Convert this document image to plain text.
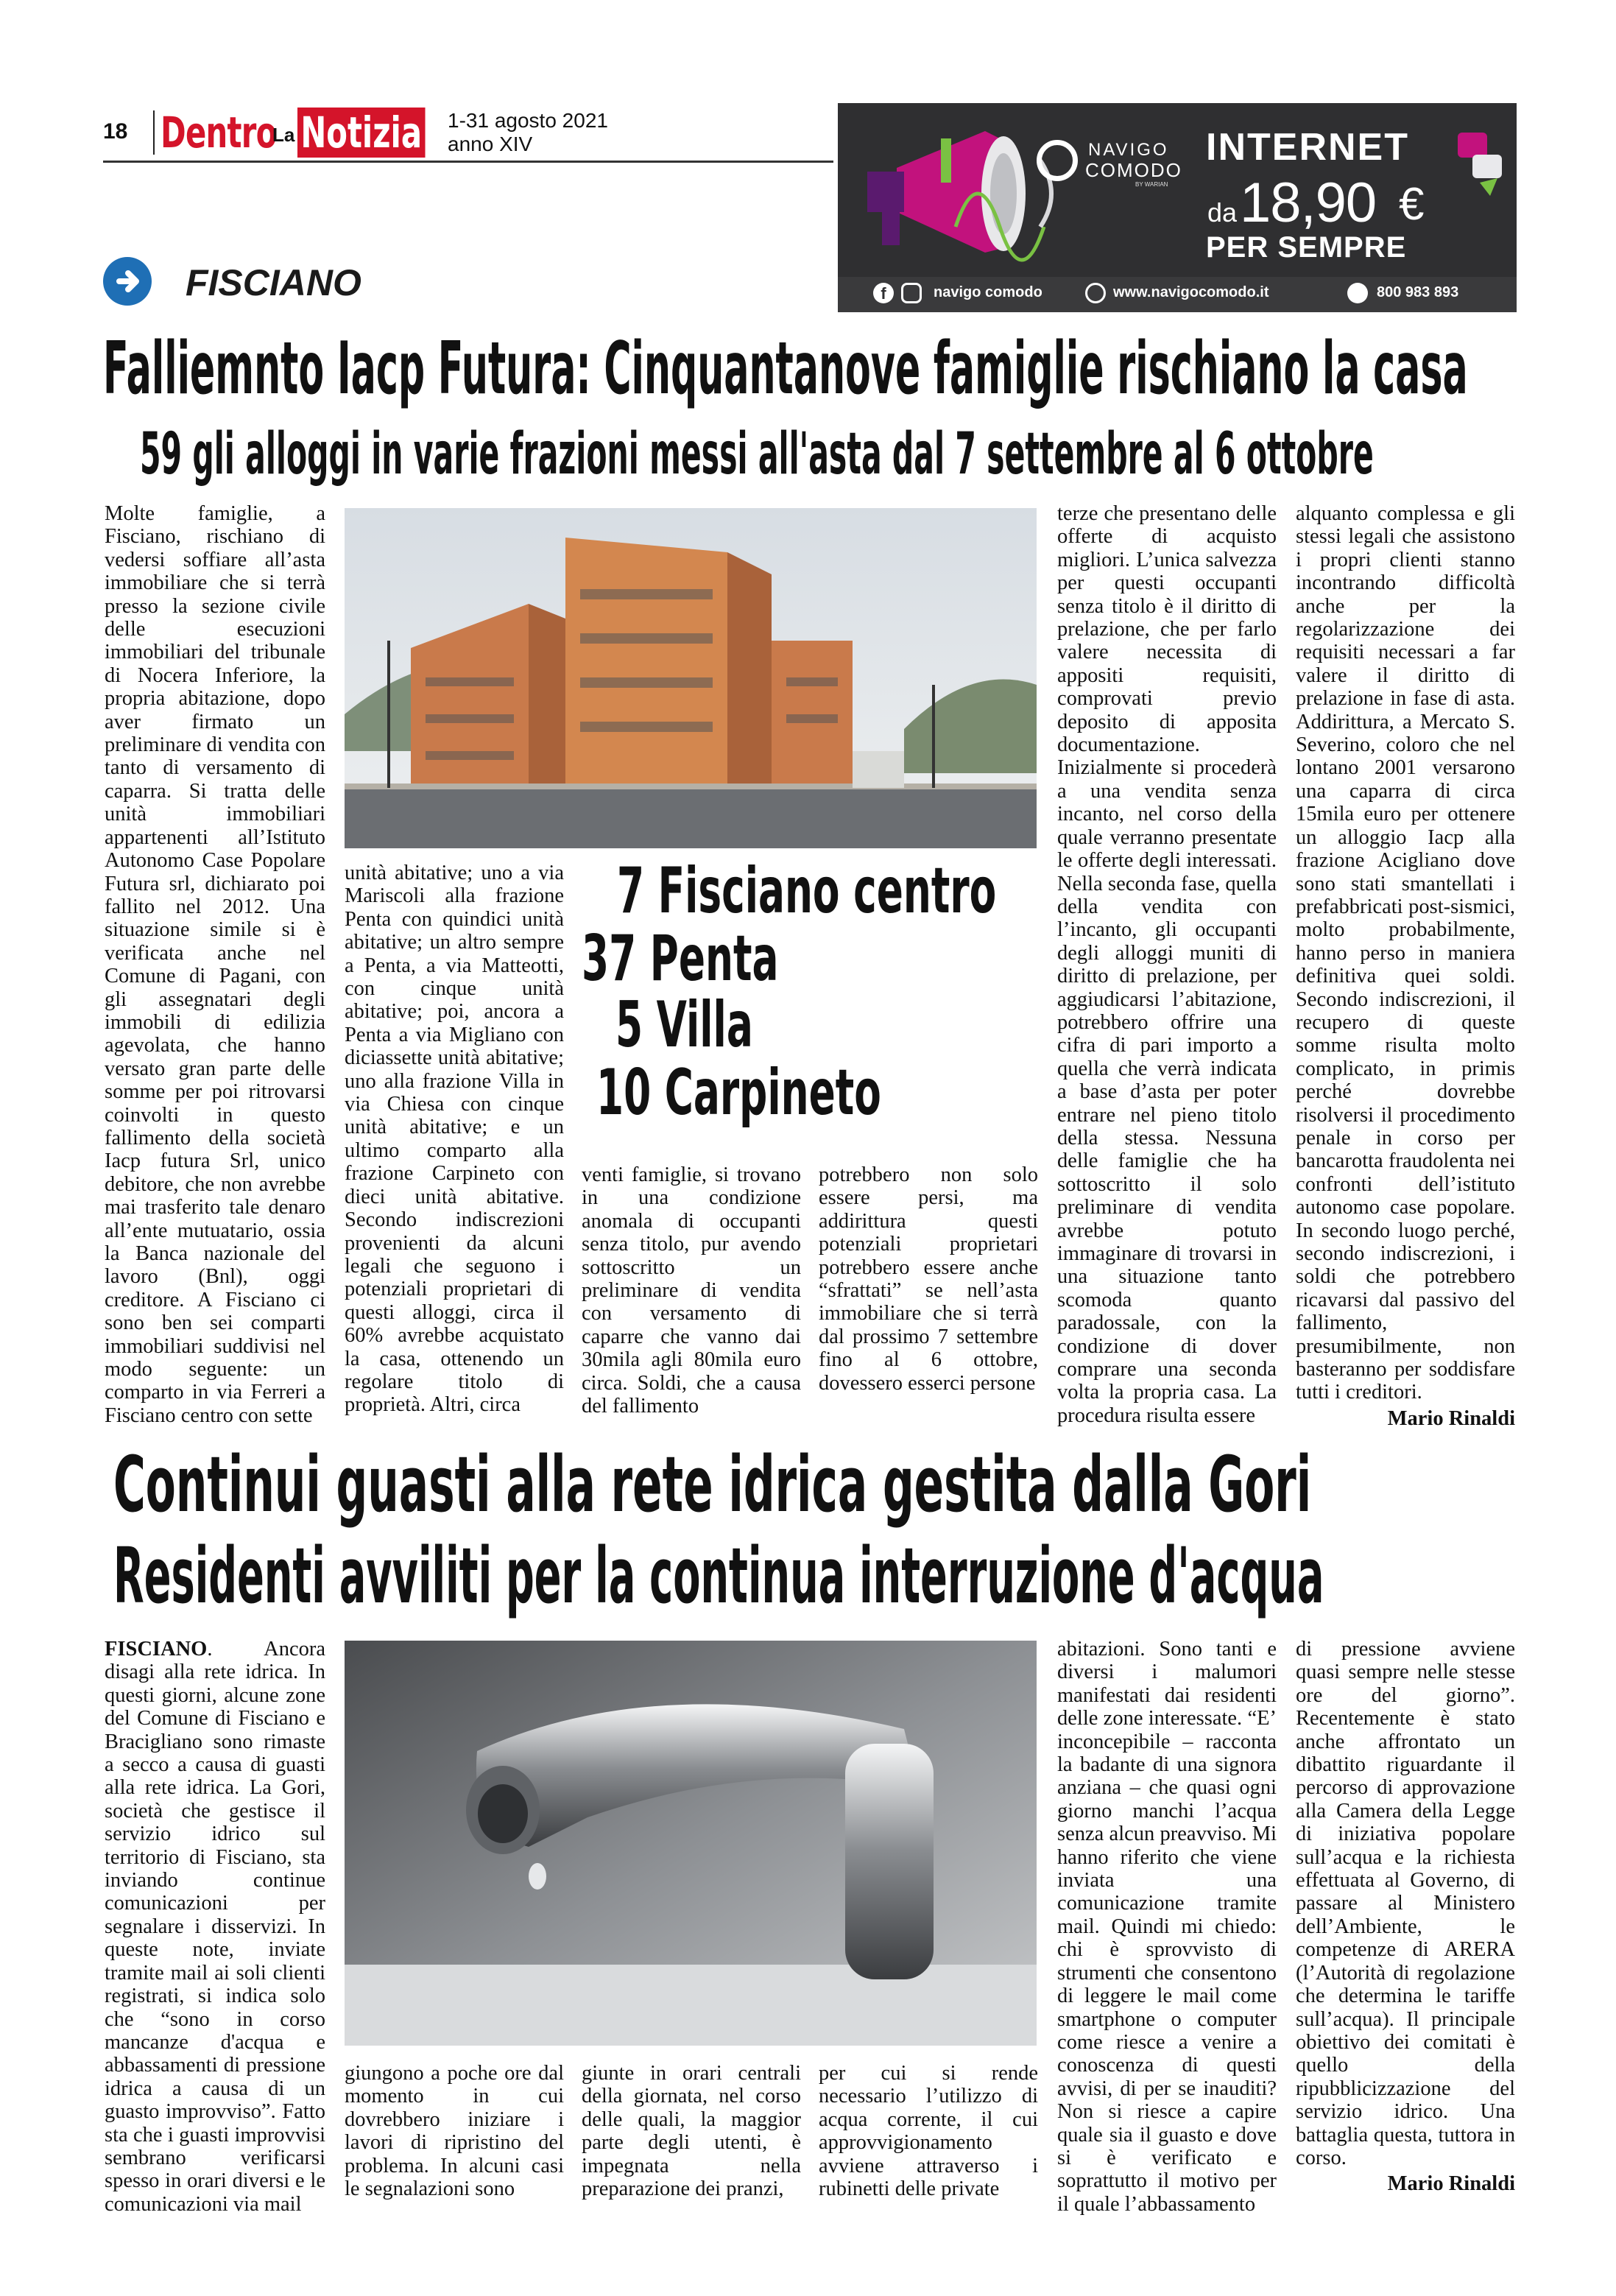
18 Dentro
La Notizia 1-31 agosto 2021
anno XIV
FISCIANO
NAVIGO
COMODO
BY WARIAN
INTERNET
da 18,90 €
PER SEMPRE
f	navigo comodo	www.navigocomodo.it	800 983 893
Falliemnto Iacp Futura: Cinquantanove famiglie rischiano la casa
59 gli alloggi in varie frazioni messi all'asta dal 7 settembre al 6 ottobre

Molte famiglie, a Fisciano, rischiano di vedersi soffiare all’asta immobiliare che si terrà presso la sezione civile delle esecuzioni immobiliari del tribunale di Nocera Inferiore, la propria abitazione, dopo aver firmato un preliminare di vendita con tanto di versamento di caparra. Si tratta delle unità immobiliari appartenenti all’Istituto Autonomo Case Popolare Futura srl, dichiarato poi fallito nel 2012. Una situazione simile si è verificata anche nel Comune di Pagani, con gli assegnatari degli immobili di edilizia agevolata, che hanno versato gran parte delle somme per poi ritrovarsi coinvolti in questo fallimento della società Iacp futura Srl, unico debitore, che non avrebbe mai trasferito tale denaro all’ente mutuatario, ossia la Banca nazionale del lavoro (Bnl), oggi creditore. A Fisciano ci sono ben sei comparti immobiliari suddivisi nel modo seguente: un comparto in via Ferreri a Fisciano centro con sette

unità abitative; uno a via Mariscoli alla frazione Penta con quindici unità abitative; un altro sempre a Penta, a via Matteotti, con cinque unità abitative; poi, ancora a Penta a via Migliano con diciassette unità abitative; uno alla frazione Villa in via Chiesa con cinque unità abitative; e un ultimo comparto alla frazione Carpineto con dieci unità abitative. Secondo indiscrezioni provenienti da alcuni legali che seguono i potenziali proprietari di questi alloggi, circa il 60% avrebbe acquistato la casa, ottenendo un regolare titolo di proprietà. Altri, circa

7 Fisciano centro
37 Penta
5 Villa
10 Carpineto

venti famiglie, si trovano in una condizione anomala di occupanti senza titolo, pur avendo sottoscritto un preliminare di vendita con versamento di caparre che vanno dai 30mila agli 80mila euro circa. Soldi, che a causa del fallimento

potrebbero non solo essere persi, ma addirittura questi potenziali proprietari potrebbero essere anche “sfrattati” se nell’asta immobiliare che si terrà dal prossimo 7 settembre fino al 6 ottobre, dovessero esserci persone

terze che presentano delle offerte di acquisto migliori. L’unica salvezza per questi occupanti senza titolo è il diritto di prelazione, che per farlo valere necessita di appositi requisiti, comprovati previo deposito di apposita documentazione. Inizialmente si procederà a una vendita senza incanto, nel corso della quale verranno presentate le offerte degli interessati. Nella seconda fase, quella della vendita con l’incanto, gli occupanti degli alloggi muniti di diritto di prelazione, per aggiudicarsi l’abitazione, potrebbero offrire una cifra di pari importo a quella che verrà indicata a base d’asta per poter entrare nel pieno titolo della stessa. Nessuna delle famiglie che ha sottoscritto il solo preliminare di vendita avrebbe potuto immaginare di trovarsi in una situazione tanto scomoda quanto paradossale, con la condizione di dover comprare una seconda volta la propria casa. La procedura risulta essere

alquanto complessa e gli stessi legali che assistono i propri clienti stanno incontrando difficoltà anche per la regolarizzazione dei requisiti necessari a far valere il diritto di prelazione in fase di asta. Addirittura, a Mercato S. Severino, coloro che nel lontano 2001 versarono una caparra di circa 15mila euro per ottenere un alloggio Iacp alla frazione Acigliano dove sono stati smantellati i prefabbricati post-sismici, molto probabilmente, hanno perso in maniera definitiva quei soldi. Secondo indiscrezioni, il recupero di queste somme risulta molto complicato, in primis perché dovrebbe risolversi il procedimento penale in corso per bancarotta fraudolenta nei confronti dell’istituto autonomo case popolare. In secondo luogo perché, secondo indiscrezioni, i soldi che potrebbero ricavarsi dal passivo del fallimento, presumibilmente, non basteranno per soddisfare tutti i creditori.

Mario Rinaldi

Continui guasti alla rete idrica gestita dalla Gori
Residenti avviliti per la continua interruzione d'acqua

FISCIANO. Ancora disagi alla rete idrica. In questi giorni, alcune zone del Comune di Fisciano e Bracigliano sono rimaste a secco a causa di guasti alla rete idrica. La Gori, società che gestisce il servizio idrico sul territorio di Fisciano, sta inviando continue comunicazioni per segnalare i disservizi. In queste note, inviate tramite mail ai soli clienti registrati, si indica solo che “sono in corso mancanze d'acqua e abbassamenti di pressione idrica a causa di un guasto improvviso”. Fatto sta che i guasti improvvisi sembrano verificarsi spesso in orari diversi e le comunicazioni via mail

giungono a poche ore dal momento in cui dovrebbero iniziare i lavori di ripristino del problema. In alcuni casi le segnalazioni sono

giunte in orari centrali della giornata, nel corso delle quali, la maggior parte degli utenti, è impegnata nella preparazione dei pranzi,

per cui si rende necessario l’utilizzo di acqua corrente, il cui approvvigionamento avviene attraverso i rubinetti delle private

abitazioni. Sono tanti e diversi i malumori manifestati dai residenti delle zone interessate. “E’ inconcepibile – racconta la badante di una signora anziana – che quasi ogni giorno manchi l’acqua senza alcun preavviso. Mi hanno riferito che viene inviata una comunicazione tramite mail. Quindi mi chiedo: chi è sprovvisto di strumenti che consentono di leggere le mail come smartphone o computer come riesce a venire a conoscenza di questi avvisi, di per se inauditi? Non si riesce a capire quale sia il guasto e dove si è verificato e soprattutto il motivo per il quale l’abbassamento

di pressione avviene quasi sempre nelle stesse ore del giorno”. Recentemente è stato anche affrontato un dibattito riguardante il percorso di approvazione alla Camera della Legge di iniziativa popolare sull’acqua e la richiesta effettuata al Governo, di passare al Ministero dell’Ambiente, le competenze di ARERA (l’Autorità di regolazione che determina le tariffe sull’acqua). Il principale obiettivo dei comitati è quello della ripubblicizzazione del servizio idrico. Una battaglia questa, tuttora in corso.

Mario Rinaldi
